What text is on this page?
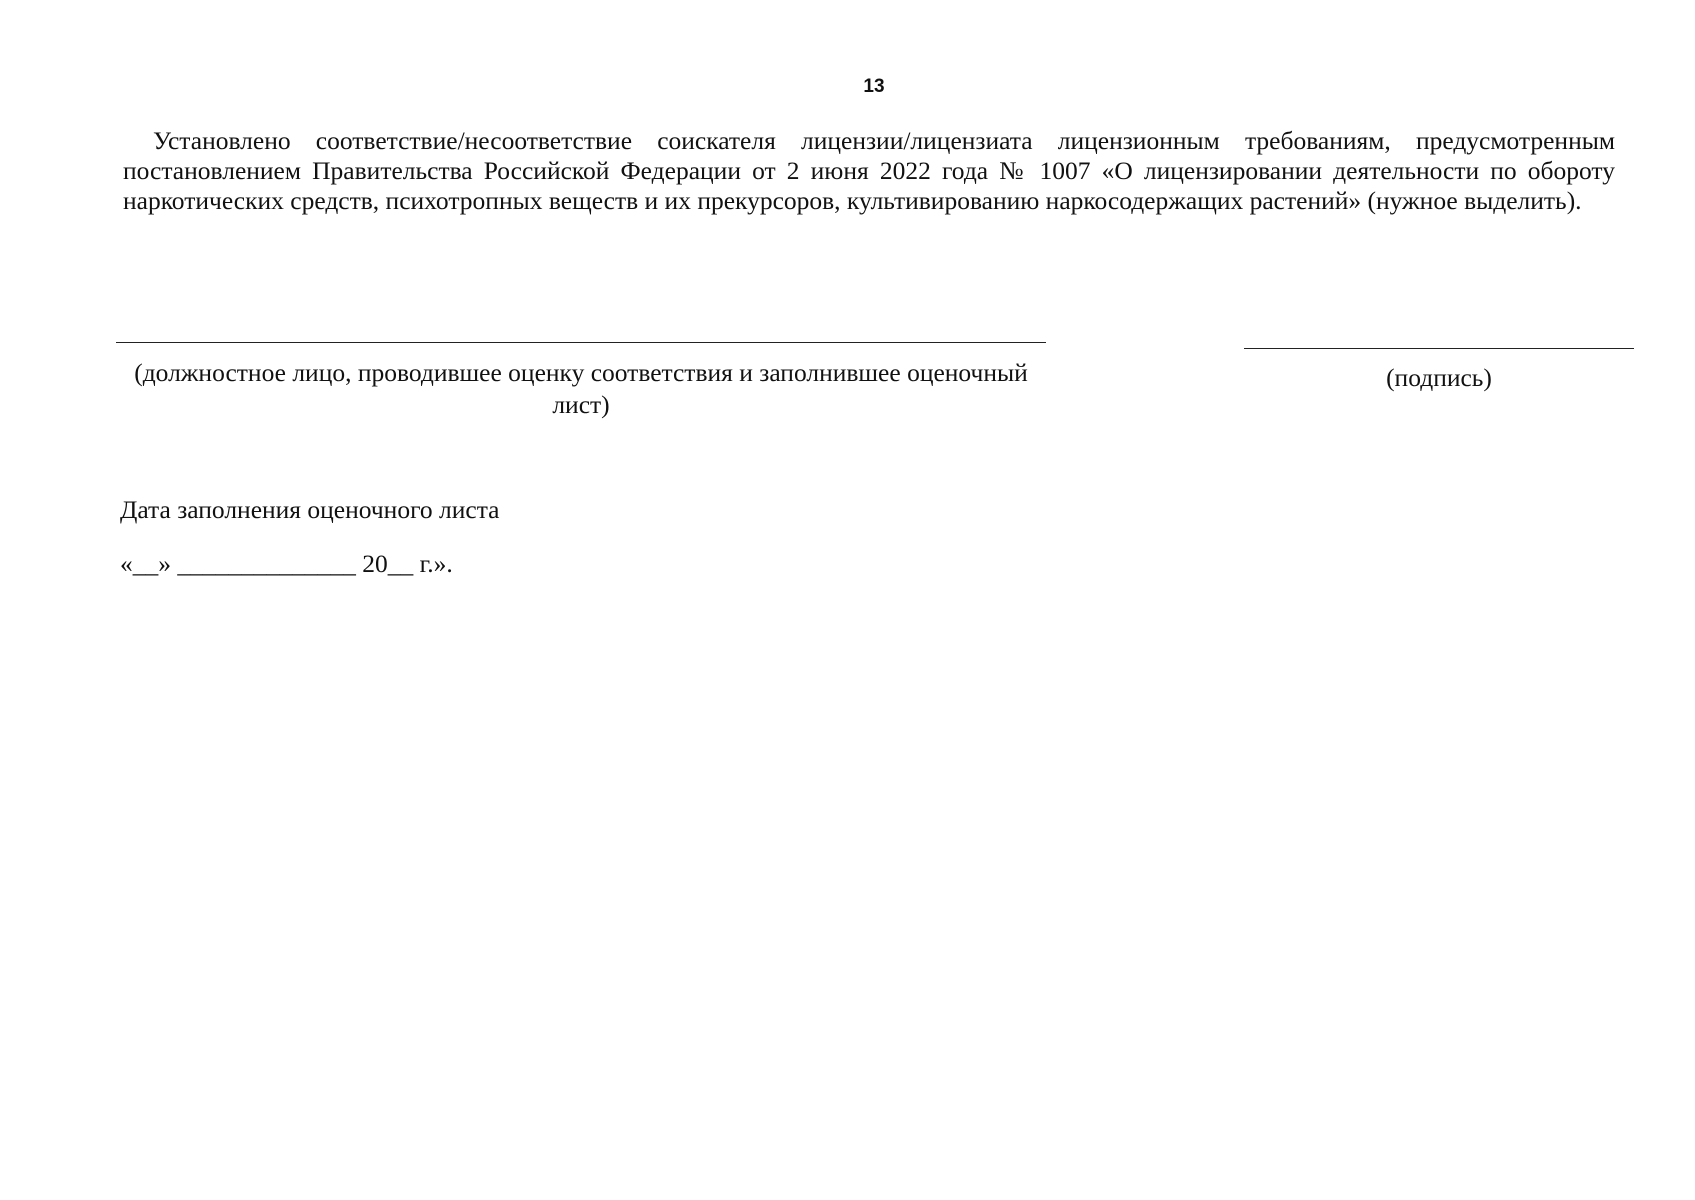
13
Установлено соответствие/несоответствие соискателя лицензии/лицензиата лицензионным требованиям, предусмотренным постановлением Правительства Российской Федерации от 2 июня 2022 года № 1007 «О лицензировании деятельности по обороту наркотических средств, психотропных веществ и их прекурсоров, культивированию наркосодержащих растений» (нужное выделить).
(должностное лицо, проводившее оценку соответствия и заполнившее оценочный лист)
(подпись)
Дата заполнения оценочного листа
«__» ______________ 20__ г.».
